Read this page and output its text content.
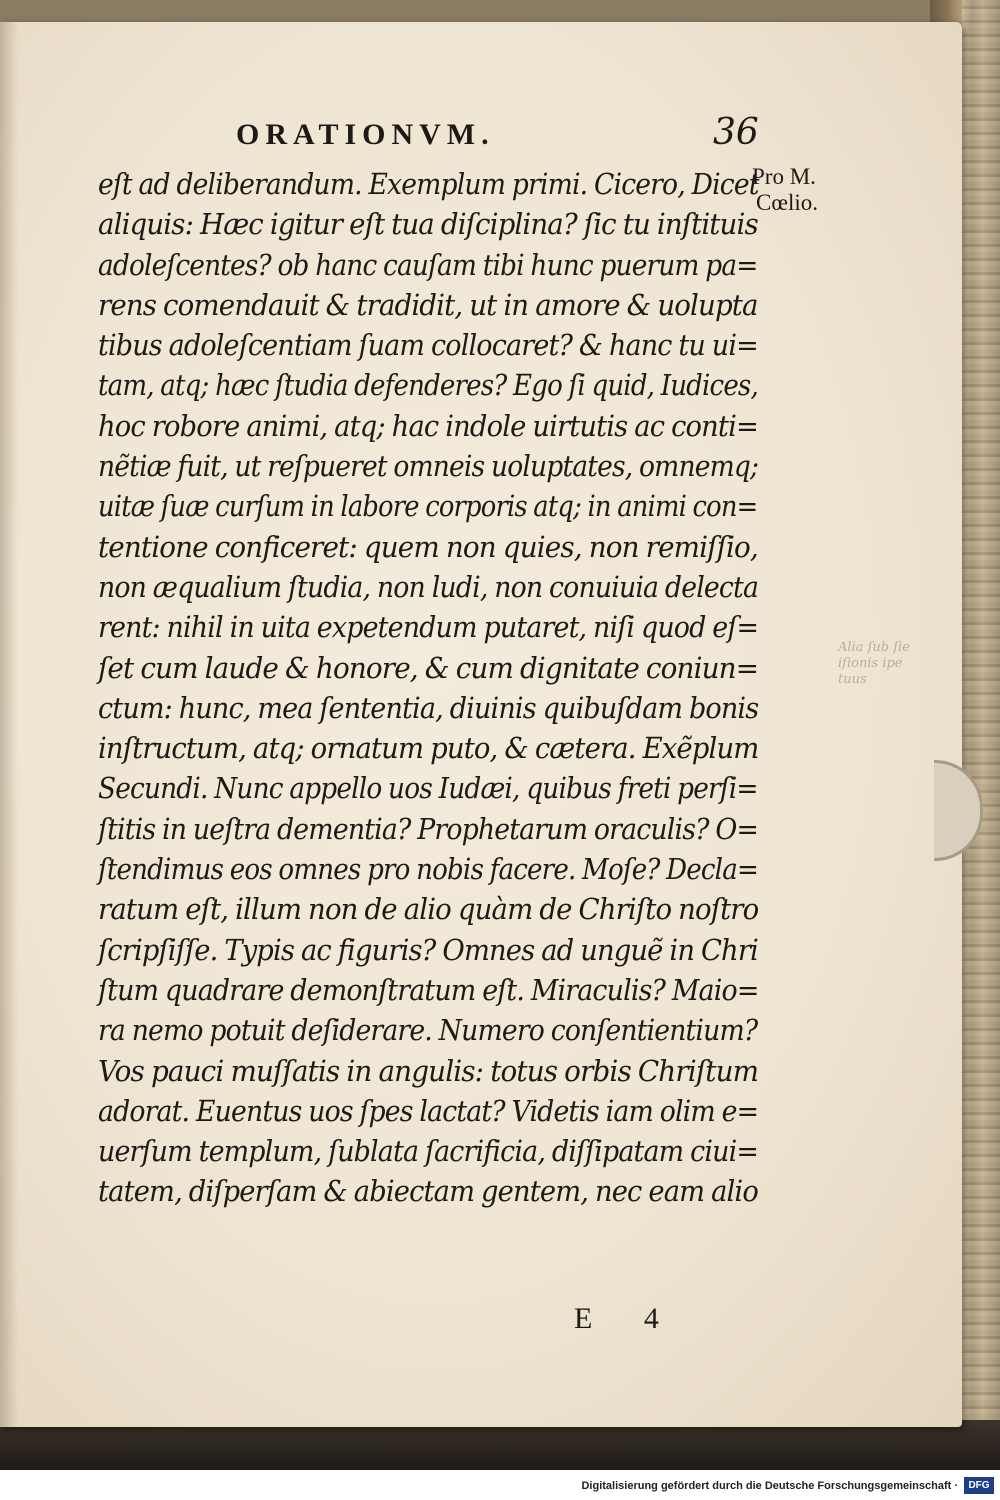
ORATIONVM.	36
Pro M.
Cœlio.
Alia ſub ſie
iſionis ipe
tuus
eſt ad deliberandum. Exemplum primi. Cicero, Dicet
aliquis: Hæc igitur eſt tua diſciplina? ſic tu inſtituis
adoleſcentes? ob hanc cauſam tibi hunc puerum pa=
rens comendauit & tradidit, ut in amore & uolupta
tibus adoleſcentiam ſuam collocaret? & hanc tu ui=
tam, atq; hæc ſtudia defenderes? Ego ſi quid, Iudices,
hoc robore animi, atq; hac indole uirtutis ac conti=
nẽtiæ fuit, ut reſpueret omneis uoluptates, omnemq;
uitæ ſuæ curſum in labore corporis atq; in animi con=
tentione conficeret: quem non quies, non remiſſio,
non æqualium ſtudia, non ludi, non conuiuia delecta
rent: nihil in uita expetendum putaret, niſi quod eſ=
ſet cum laude & honore, & cum dignitate coniun=
ctum: hunc, mea ſententia, diuinis quibuſdam bonis
inſtructum, atq; ornatum puto, & cætera. Exẽplum
Secundi. Nunc appello uos Iudæi, quibus freti perſi=
ſtitis in ueſtra dementia? Prophetarum oraculis? O=
ſtendimus eos omnes pro nobis facere. Moſe? Decla=
ratum eſt, illum non de alio quàm de Chriſto noſtro
ſcripſiſſe. Typis ac figuris? Omnes ad unguẽ in Chri
ſtum quadrare demonſtratum eſt. Miraculis? Maio=
ra nemo potuit deſiderare. Numero conſentientium?
Vos pauci muſſatis in angulis: totus orbis Chriſtum
adorat. Euentus uos ſpes lactat? Videtis iam olim e=
uerſum templum, ſublata ſacrificia, diſſipatam ciui=
tatem, diſperſam & abiectam gentem, nec eam alio
E 4
Digitalisierung gefördert durch die Deutsche Forschungsgemeinschaft ·	DFG
